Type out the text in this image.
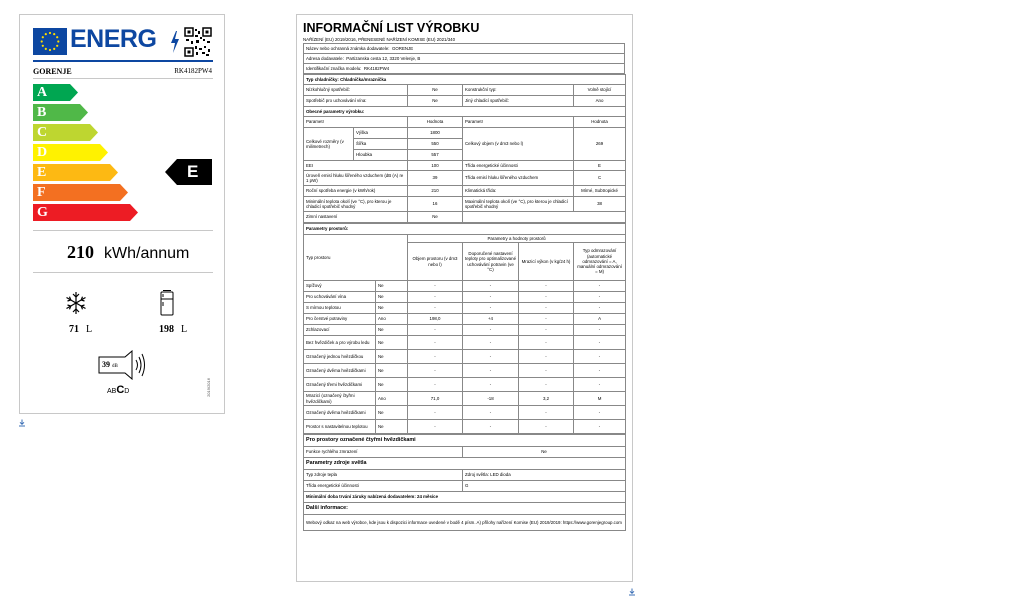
ENERG
GORENJE	RK4182PW4
A
B
C
D
E
F
G
E
210 kWh/annum
71 L	198 L
39 dB
ABCD	2019/2016
INFORMAČNÍ LIST VÝROBKU
NAŘÍZENÍ (EU) 2019/2016, PŘENESENÉ NAŘÍZENÍ KOMISE (EU) 2021/340
Název nebo ochranná známka dodavatele: GORENJE
Adresa dodavatele: Partizanska cesta 12, 3320 Velenje, B
Identifikační značka modelu: RK4182PW4
Typ chladničky: Chladnička/mraznička				
Nízkohlučný spotřebič:		Ne	Konstrukční typ:	Volně stojící
Spotřebič pro uchovávání vína:		Ne	Jiný chladicí spotřebič:	Ano
Obecné parametry výrobku:				
Parametr		Hodnota	Parametr	Hodnota
Celkové rozměry (v milimetrech)	Výška	1800	Celkový objem (v dm3 nebo l)	269
	Šířka	550		
	Hloubka	557		
EEI		100	Třída energetické účinnosti	E
Úroveň emisí hluku šířeného vzduchem (dB (A) re 1 pW)		39	Třída emisí hluku šířeného vzduchem	C
Roční spotřeba energie (v kWh/rok)		210	Klimatická třída:	Mírné, Subtropické
Minimální teplota okolí (ve °C), pro kterou je chladicí spotřebič vhodný		16	Maximální teplota okolí (ve °C), pro kterou je chladicí spotřebič vhodný	38
Zimní nastavení		Ne		
Parametry prostorů:					
Typ prostoru		Parametry a hodnoty prostorů			
		Objem prostoru (v dm3 nebo l)	Doporučené nastavení teploty pro optimalizované uchovávání potravin (ve °C)	Mrazicí výkon (v kg/24 h)	Typ odmrazování (automatické odmrazování = A, manuální odmrazování = M)
Spížový	Ne	-	-	-	-
Pro uchovávání vína	Ne	-	-	-	-
S mírnou teplotou	Ne	-	-	-	-
Pro čerstvé potraviny	Ano	198,0	+4	-	A
Zchlazovací	Ne	-	-	-	-
Bez hvězdiček a pro výrobu ledu	Ne	-	-	-	-
Označený jednou hvězdičkou	Ne	-	-	-	-
Označený dvěma hvězdičkami	Ne	-	-	-	-
Označený třemi hvězdičkami	Ne	-	-	-	-
Mrazicí (označený čtyřmi hvězdičkami)	Ano	71,0	-18	3,2	M
Označený dvěma hvězdičkami	Ne	-	-	-	-
Prostor s nastavitelnou teplotou	Ne	-	-	-	-
Pro prostory označené čtyřmi hvězdičkami	
Funkce rychlého zmrazení	Ne
Parametry zdroje světla	
Typ zdroje tepla	Zdroj světla: LED dioda
Třída energetické účinnosti	G
Minimální doba trvání záruky nabízená dodavatelem: 24 měsíce	
Další informace:	
Webový odkaz na web výrobce, kde jsou k dispozici informace uvedené v bodě 4 písm. A) přílohy nařízení Komise (EU) 2019/2019: https://www.gorenjegroup.com	
